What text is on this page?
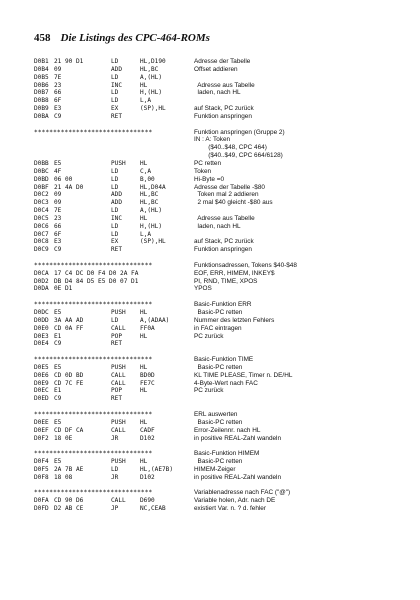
458 Die Listings des CPC-464-ROMs
D0B1 21 90 D1	LD	HL,D190	Adresse der Tabelle
D0B4 09	ADD	HL,BC	Offset addieren
D0B5 7E	LD	A,(HL)
D0B6 23	INC	HL	Adresse aus Tabelle
D0B7 66	LD	H,(HL)	laden, nach HL
D0B8 6F	LD	L,A
D0B9 E3	EX	(SP),HL	auf Stack, PC zurück
D0BA C9	RET	Funktion anspringen
*******************************	Funktion anspringen (Gruppe 2)
IN : A: Token
($40..$48, CPC 464)
($40..$49, CPC 664/6128)
D0BB E5	PUSH HL	PC retten
D0BC 4F	LD	C,A	Token
D0BD 06 00	LD	B,00	Hi-Byte =0
D0BF 21 4A D0	LD	HL,D04A	Adresse der Tabelle -$80
D0C2 09	ADD	HL,BC	Token mal 2 addieren
D0C3 09	ADD	HL,BC	2 mal $40 gleicht -$80 aus
D0C4 7E	LD	A,(HL)
D0C5 23	INC	HL	Adresse aus Tabelle
D0C6 66	LD	H,(HL)	laden, nach HL
D0C7 6F	LD	L,A
D0C8 E3	EX	(SP),HL	auf Stack, PC zurück
D0C9 C9	RET	Funktion anspringen
*******************************	Funktionsadressen, Tokens $40-$48
D0CA 17 C4 DC D0 F4 D0 2A FA	EOF, ERR, HIMEM, INKEY$
D0D2 DB D4 84 D5 E5 D0 07 D1	PI, RND, TIME, XPOS
D0DA 0E D1	YPOS
*******************************	Basic-Funktion ERR
D0DC E5	PUSH HL	Basic-PC retten
D0DD 3A AA AD	LD	A,(ADAA)	Nummer des letzten Fehlers
D0E0 CD 0A FF	CALL FF0A	in FAC eintragen
D0E3 E1	POP	HL	PC zurück
D0E4 C9	RET
*******************************	Basic-Funktion TIME
D0E5 E5	PUSH HL	Basic-PC retten
D0E6 CD 0D BD	CALL BD0D	KL TIME PLEASE, Timer n. DE/HL
D0E9 CD 7C FE	CALL FE7C	4-Byte-Wert nach FAC
D0EC E1	POP	HL	PC zurück
D0ED C9	RET
*******************************	ERL auswerten
D0EE E5	PUSH HL	Basic-PC retten
D0EF CD DF CA	CALL CADF	Error-Zeilennr. nach HL
D0F2 18 0E	JR	D102	in positive REAL-Zahl wandeln
*******************************	Basic-Funktion HIMEM
D0F4 E5	PUSH HL	Basic-PC retten
D0F5 2A 7B AE	LD	HL,(AE7B)	HIMEM-Zeiger
D0F8 18 08	JR	D102	in positive REAL-Zahl wandeln
*******************************	Variablenadresse nach FAC ("@")
D0FA CD 90 D6	CALL D690	Variable holen, Adr. nach DE
D0FD D2 AB CE	JP	NC,CEAB	existiert Var. n. ? d. fehler
